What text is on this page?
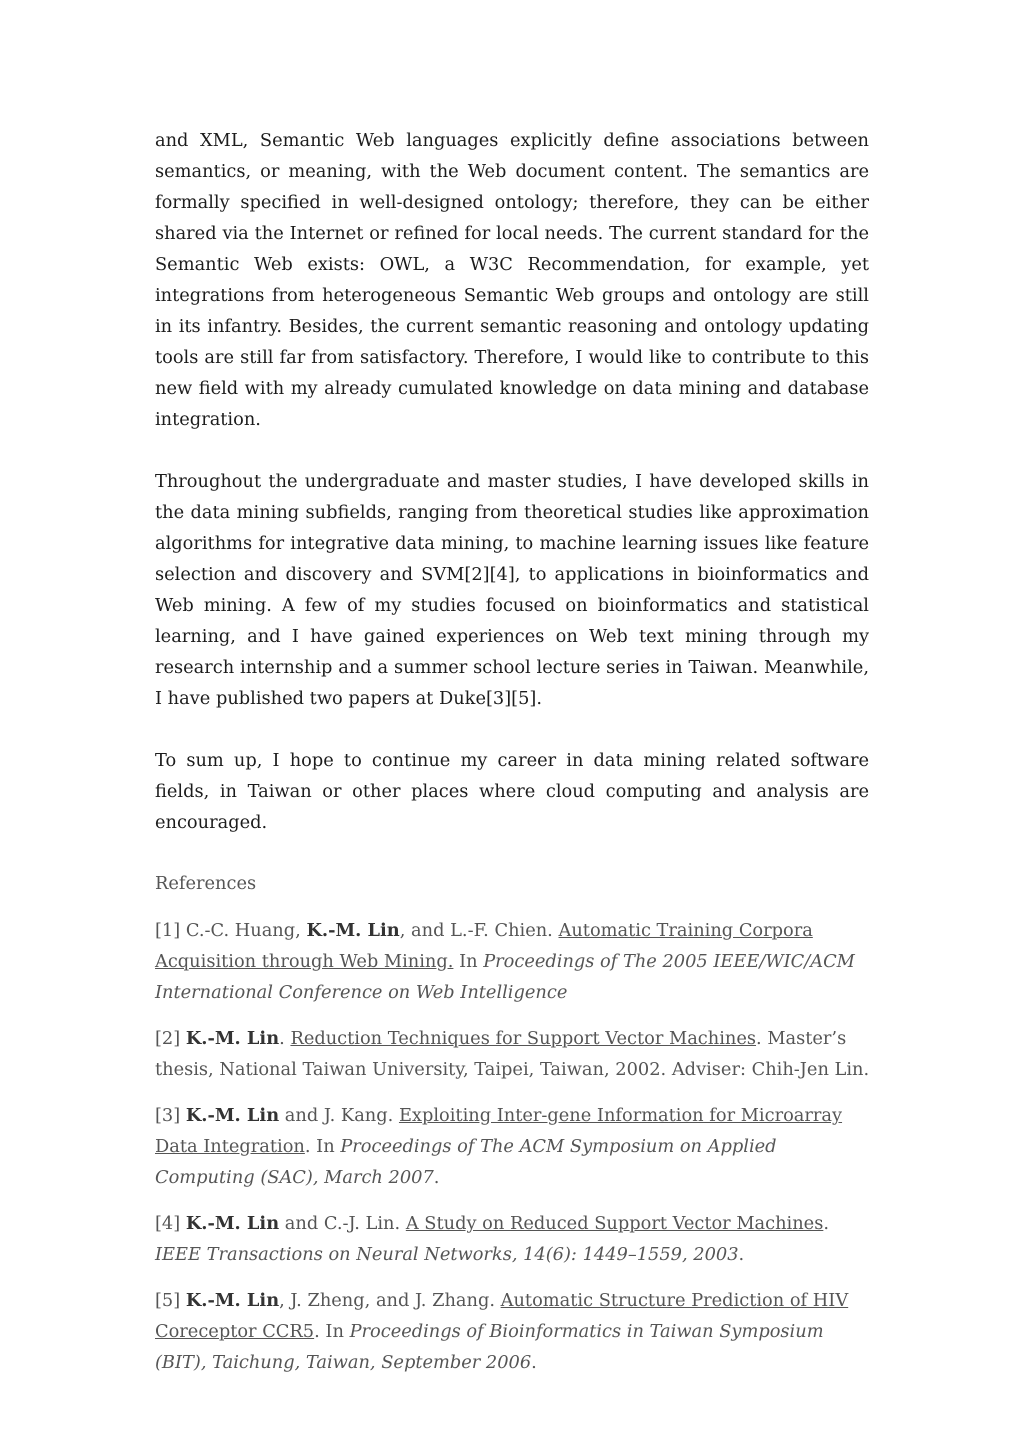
and XML, Semantic Web languages explicitly define associations between semantics, or meaning, with the Web document content. The semantics are formally specified in well-designed ontology; therefore, they can be either shared via the Internet or refined for local needs. The current standard for the Semantic Web exists: OWL, a W3C Recommendation, for example, yet integrations from heterogeneous Semantic Web groups and ontology are still in its infantry. Besides, the current semantic reasoning and ontology updating tools are still far from satisfactory. Therefore, I would like to contribute to this new field with my already cumulated knowledge on data mining and database integration.

Throughout the undergraduate and master studies, I have developed skills in the data mining subfields, ranging from theoretical studies like approximation algorithms for integrative data mining, to machine learning issues like feature selection and discovery and SVM[2][4], to applications in bioinformatics and Web mining. A few of my studies focused on bioinformatics and statistical learning, and I have gained experiences on Web text mining through my research internship and a summer school lecture series in Taiwan. Meanwhile, I have published two papers at Duke[3][5].

To sum up, I hope to continue my career in data mining related software fields, in Taiwan or other places where cloud computing and analysis are encouraged.

References
[1] C.-C. Huang, K.-M. Lin, and L.-F. Chien. Automatic Training Corpora Acquisition through Web Mining. In Proceedings of The 2005 IEEE/WIC/ACM International Conference on Web Intelligence
[2] K.-M. Lin. Reduction Techniques for Support Vector Machines. Master’s thesis, National Taiwan University, Taipei, Taiwan, 2002. Adviser: Chih-Jen Lin.
[3] K.-M. Lin and J. Kang. Exploiting Inter-gene Information for Microarray Data Integration. In Proceedings of The ACM Symposium on Applied Computing (SAC), March 2007.
[4] K.-M. Lin and C.-J. Lin. A Study on Reduced Support Vector Machines. IEEE Transactions on Neural Networks, 14(6): 1449–1559, 2003.
[5] K.-M. Lin, J. Zheng, and J. Zhang. Automatic Structure Prediction of HIV Coreceptor CCR5. In Proceedings of Bioinformatics in Taiwan Symposium (BIT), Taichung, Taiwan, September 2006.
